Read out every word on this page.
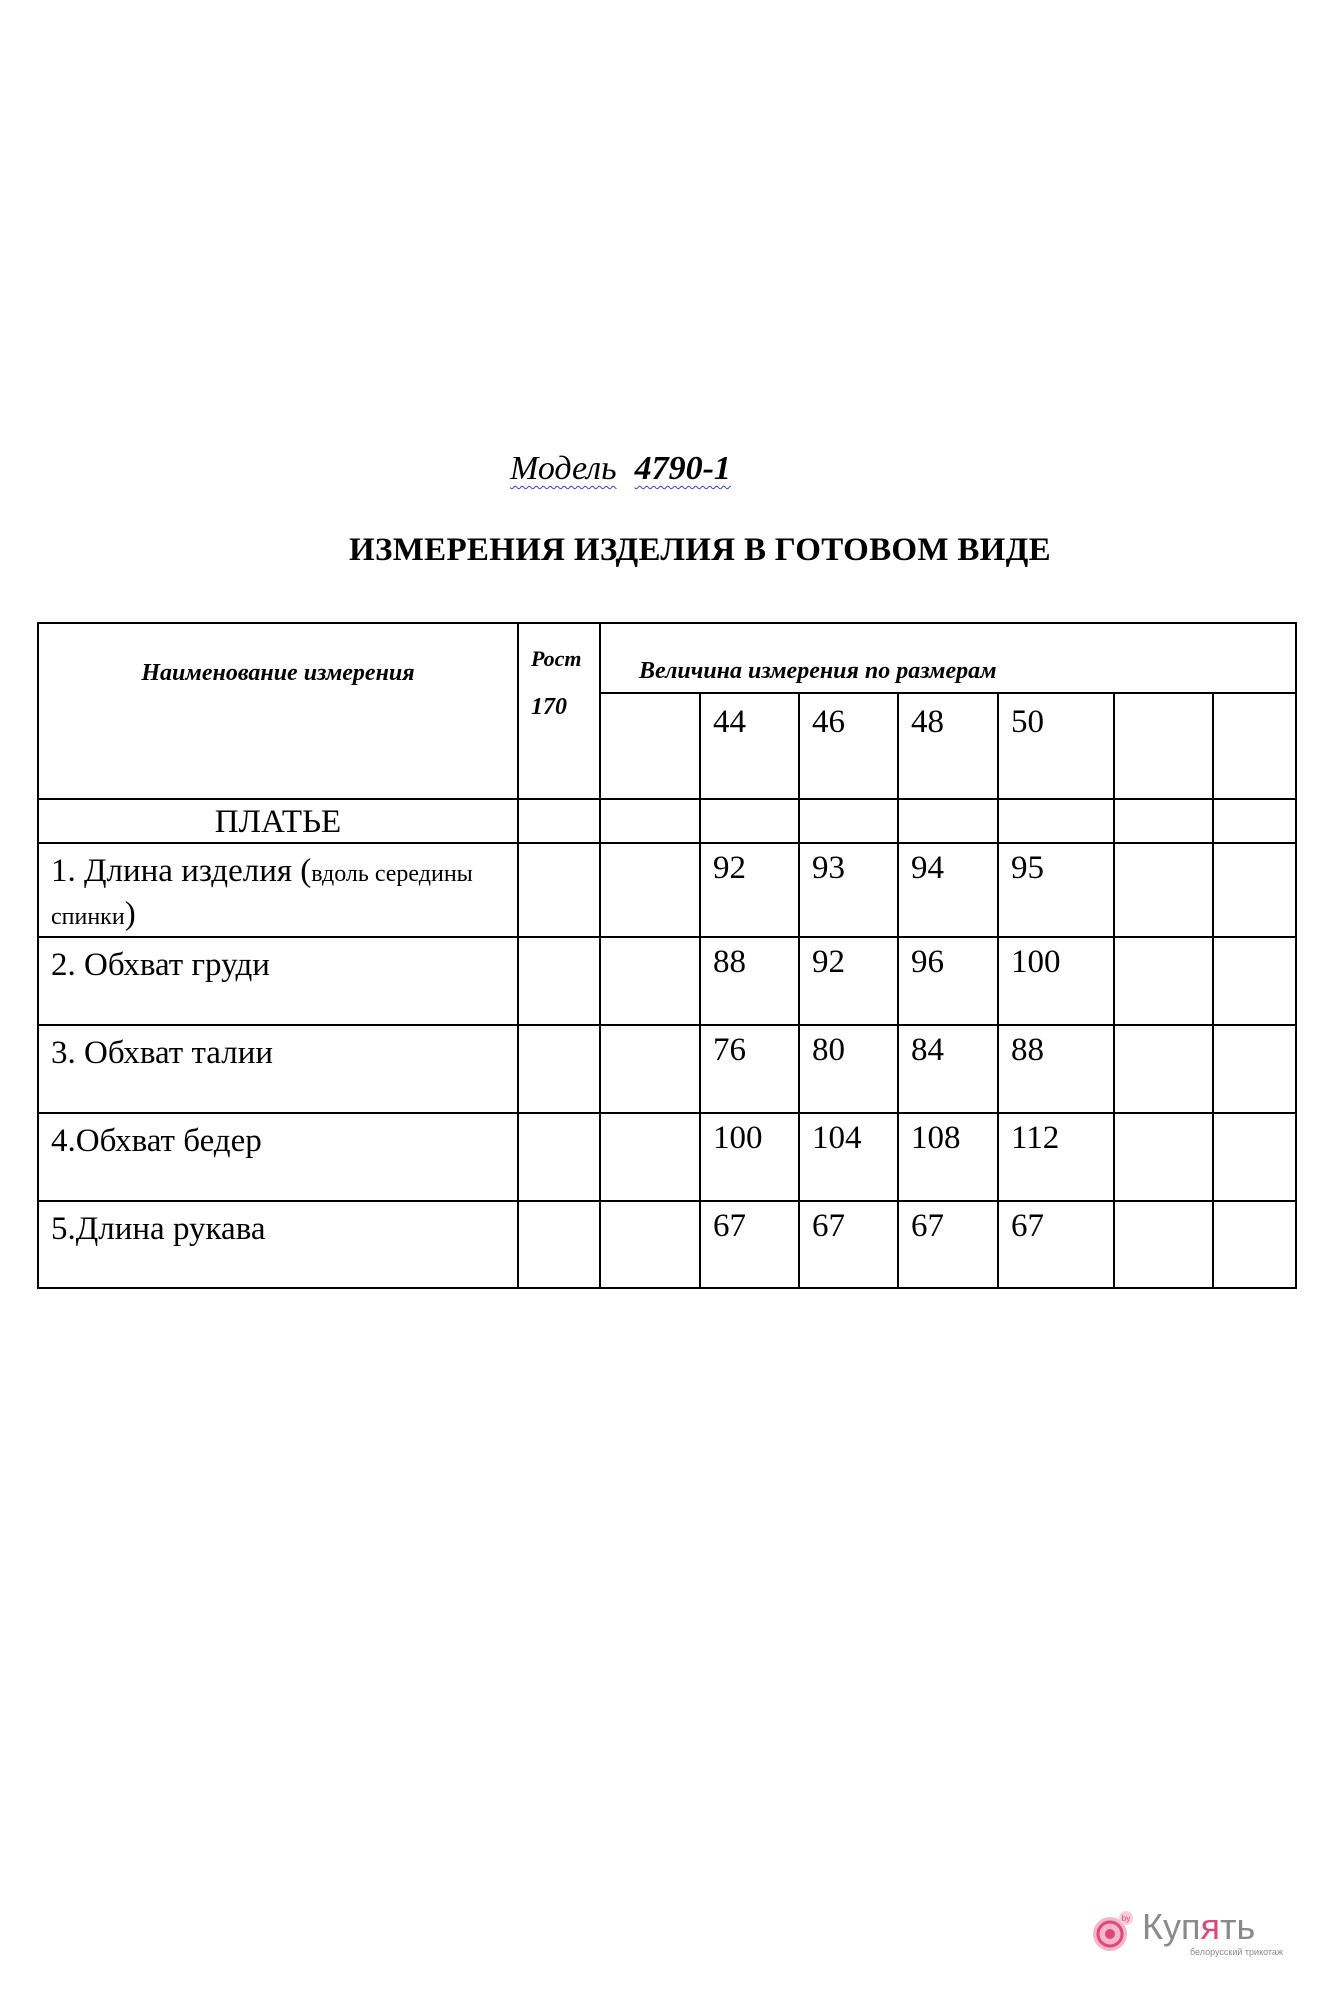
Модель 4790-1
ИЗМЕРЕНИЯ ИЗДЕЛИЯ В ГОТОВОМ ВИДЕ
Наименование измерения	Рост
170	Величина измерения по размерам						
			44	46	48	50		
ПЛАТЬЕ								
1. Длина изделия (вдоль середины спинки)			92	93	94	95		
2. Обхват груди			88	92	96	100		
3. Обхват талии			76	80	84	88		
4.Обхват бедер			100	104	108	112		
5.Длина рукава			67	67	67	67		
by Купять
белорусский трикотаж
